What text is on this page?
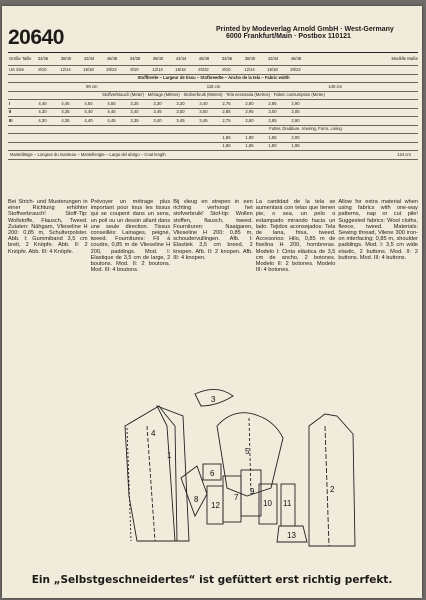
20640	Printed by Modeverlag Arnold GmbH · West-Germany
6000 Frankfurt/Main · Postbox 110121
Größe Taille	34/36	38/40	42/44	46/48	34/36	38/40	42/44	46/48	34/36	38/40	42/44	46/48	Modèlle Maße
US Size	8/10	12/14	16/18	20/22	8/10	12/14	16/18	20/22	8/10	12/14	16/18	20/22
Stoffbreite – Largeur de tissu – Stofbreedte – Ancho de la tela – Fabric width
90 cm	115 cm	140 cm
Stoffverbrauch (Meter) · Métrage (Mètres) · Stofverbruik (Meters) · Tela necesaria (Metros) · Fabric consumption (Metre)
I	4,40	4,45	4,50	4,55	3,25	3,30	3,30	3,40	2,75	2,80	2,85	2,90
II	4,30	4,35	4,40	4,45	3,40	3,45	3,50	3,50	2,85	2,95	3,00	3,05
III	4,30	4,35	4,40	4,45	3,35	3,40	3,45	3,45	2,75	2,80	2,85	2,90
Futter, Doublure, Voering, Forro, Lining
1,85	1,90	1,95	2,00
1,80	1,85	1,90	1,95
Mantellänge – Longeur du manteau – Mantellengte – Largo del abrigo – Coat length	124 cm
Bei Strich- und Musterungen in einer Richtung erhöhter Stoffverbrauch! Stoff-Tip: Wollstoffe, Flausch, Tweed. Zutaten: Nähgarn, Vlieseline H 200: 0,85 m, Schulterpolster. Abb. I: Gummiband 3,5 cm breit, 2 Knöpfe. Abb. II: 2 Knöpfe. Abb. III: 4 Knöpfe.
Prévoyer un métrage plus important pour tous les tissus qui se coupent dans un sens, un poil ou un dessin allant dans une seule direction. Tissus conseillés: Lainages, peigné, tweed. Fournitures: Fil à coudre, 0,85 m de Vlieseline H 200, paddings. Mod. I: Elastique de 3,5 cm de large, 2 boutons. Mod. II: 2 boutons. Mod. III: 4 boutons.
Bij vleug en strepen in een richting verhoogt het stofverbruik! Stof-tip: Wollen stoffen, flausch, tweed. Fournituren: Naaigaren, Vlieseline H 200: 0,85 m, schoudervullingen. Afb. I: Elastiek 3,5 cm breed, 2 knopen. Afb. II: 2 knopen. Afb. III: 4 knopen.
La cantidad de la tela se aumentará con telas que tienen pie, o sea, un pelo o estampado mirando hacia un lado. Tejidos aconsejados: Tela de lana, frisa, tweed. Accesorios: Hilo, 0,85 m de fiselina H 200, hombreras. Modelo I: Cinta elástica de 3,5 cm de ancho, 2 botones. Modelo II: 2 botones. Modelo III: 4 botones.
Allow for extra material when using fabrics with one-way patterns, nap or cut pile! Suggested fabrics: Wool cloths, fleece, tweed. Materials: Sewing thread, Vilene 300 iron-on interfacing: 0,85 m, shoulder paddings. Mod. I: 3,5 cm wide elastic, 2 buttons. Mod. II: 2 buttons. Mod. III: 4 buttons.
4
1
3
5
2
7
8
9
6
10 11
12
13
Ein „Selbstgeschneidertes“ ist gefüttert erst richtig perfekt.
